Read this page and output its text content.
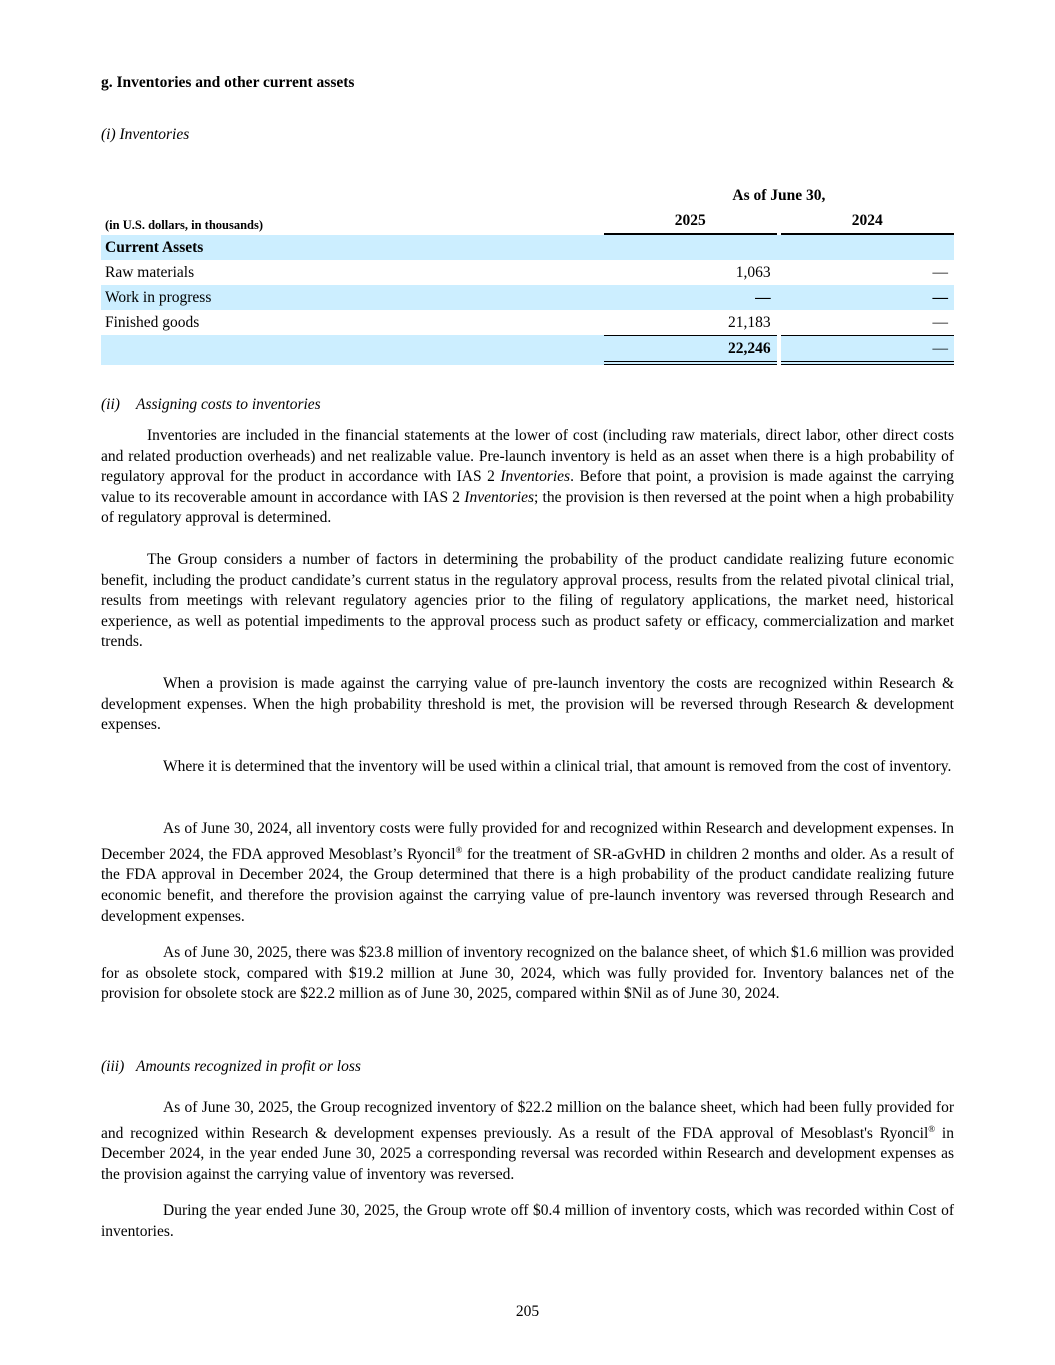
g. Inventories and other current assets
(i) Inventories
		As of June 30,		
(in U.S. dollars, in thousands)		2025		2024
Current Assets				
Raw materials		1,063		—
Work in progress		—		—
Finished goods		21,183		—
		22,246		—
(ii) Assigning costs to inventories

Inventories are included in the financial statements at the lower of cost (including raw materials, direct labor, other direct costs and related production overheads) and net realizable value. Pre-launch inventory is held as an asset when there is a high probability of regulatory approval for the product in accordance with IAS 2 Inventories. Before that point, a provision is made against the carrying value to its recoverable amount in accordance with IAS 2 Inventories; the provision is then reversed at the point when a high probability of regulatory approval is determined.

The Group considers a number of factors in determining the probability of the product candidate realizing future economic benefit, including the product candidate’s current status in the regulatory approval process, results from the related pivotal clinical trial, results from meetings with relevant regulatory agencies prior to the filing of regulatory applications, the market need, historical experience, as well as potential impediments to the approval process such as product safety or efficacy, commercialization and market trends.

When a provision is made against the carrying value of pre-launch inventory the costs are recognized within Research & development expenses. When the high probability threshold is met, the provision will be reversed through Research & development expenses.

Where it is determined that the inventory will be used within a clinical trial, that amount is removed from the cost of inventory.

As of June 30, 2024, all inventory costs were fully provided for and recognized within Research and development expenses. In December 2024, the FDA approved Mesoblast’s Ryoncil® for the treatment of SR-aGvHD in children 2 months and older. As a result of the FDA approval in December 2024, the Group determined that there is a high probability of the product candidate realizing future economic benefit, and therefore the provision against the carrying value of pre-launch inventory was reversed through Research and development expenses.

As of June 30, 2025, there was $23.8 million of inventory recognized on the balance sheet, of which $1.6 million was provided for as obsolete stock, compared with $19.2 million at June 30, 2024, which was fully provided for. Inventory balances net of the provision for obsolete stock are $22.2 million as of June 30, 2025, compared within $Nil as of June 30, 2024.

(iii) Amounts recognized in profit or loss

As of June 30, 2025, the Group recognized inventory of $22.2 million on the balance sheet, which had been fully provided for and recognized within Research & development expenses previously. As a result of the FDA approval of Mesoblast's Ryoncil® in December 2024, in the year ended June 30, 2025 a corresponding reversal was recorded within Research and development expenses as the provision against the carrying value of inventory was reversed.

During the year ended June 30, 2025, the Group wrote off $0.4 million of inventory costs, which was recorded within Cost of inventories.

205
